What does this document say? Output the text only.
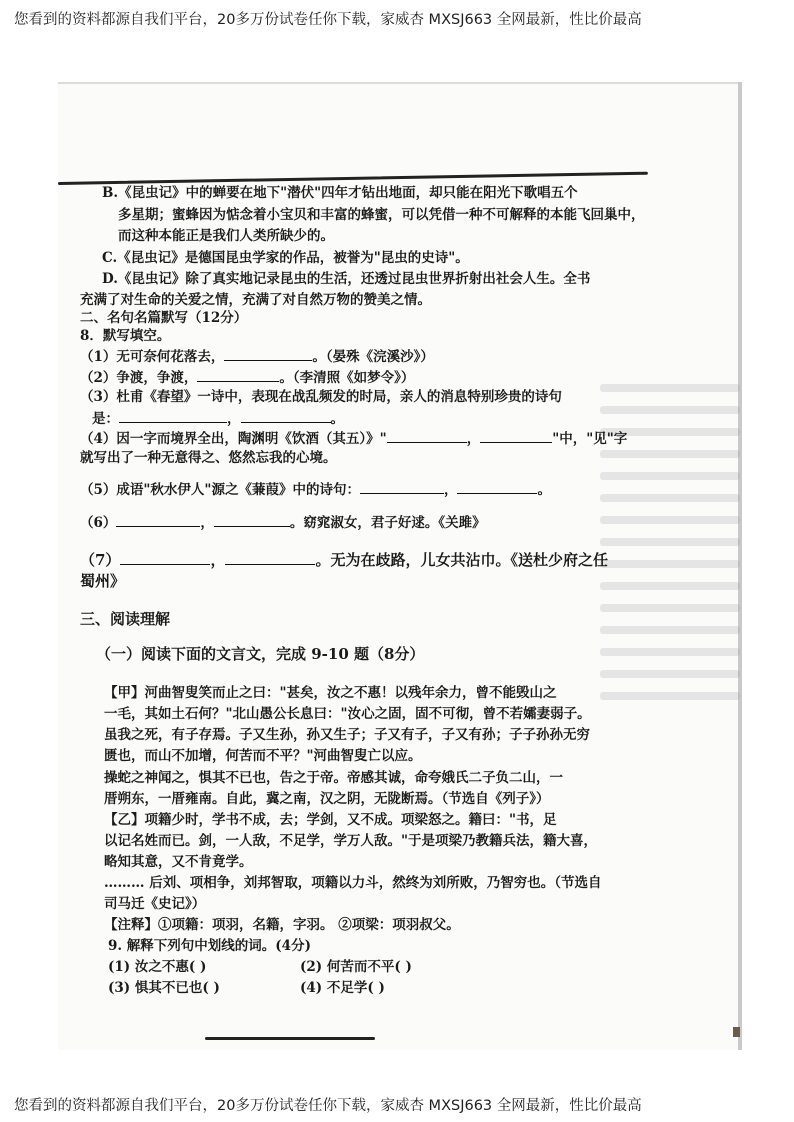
您看到的资料都源自我们平台，20多万份试卷任你下载，家威杏 MXSJ663 全网最新，性比价最高
B.《昆虫记》中的蝉要在地下"潜伏"四年才钻出地面，却只能在阳光下歌唱五个
多星期；蜜蜂因为惦念着小宝贝和丰富的蜂蜜，可以凭借一种不可解释的本能飞回巢中，
而这种本能正是我们人类所缺少的。
C.《昆虫记》是德国昆虫学家的作品，被誉为"昆虫的史诗"。
D.《昆虫记》除了真实地记录昆虫的生活，还透过昆虫世界折射出社会人生。全书
充满了对生命的关爱之情，充满了对自然万物的赞美之情。
二、名句名篇默写（12分）
8．默写填空。
（1）无可奈何花落去，	。（晏殊《浣溪沙》）
（2）争渡，争渡，	。（李清照《如梦令》）
（3）杜甫《春望》一诗中，表现在战乱频发的时局，亲人的消息特别珍贵的诗句
是：	，	。
（4）因一字而境界全出，陶渊明《饮酒（其五）》"	，	"中，"见"字
就写出了一种无意得之、悠然忘我的心境。
（5）成语"秋水伊人"源之《蒹葭》中的诗句：	，	。
（6）	，	。窈窕淑女，君子好逑。《关雎》
（7）	，	。无为在歧路，儿女共沾巾。《送杜少府之任
蜀州》
三、阅读理解
（一）阅读下面的文言文，完成 9-10 题（8分）
【甲】河曲智叟笑而止之曰："甚矣，汝之不惠！以残年余力，曾不能毁山之
一毛，其如土石何？"北山愚公长息曰："汝心之固，固不可彻，曾不若孀妻弱子。
虽我之死，有子存焉。子又生孙，孙又生子；子又有子，子又有孙；子子孙孙无穷
匮也，而山不加增，何苦而不平？"河曲智叟亡以应。
操蛇之神闻之，惧其不已也，告之于帝。帝感其诚，命夸娥氏二子负二山，一
厝朔东，一厝雍南。自此，冀之南，汉之阴，无陇断焉。（节选自《列子》）
【乙】项籍少时，学书不成，去；学剑，又不成。项梁怒之。籍曰："书，足
以记名姓而已。剑，一人敌，不足学，学万人敌。"于是项梁乃教籍兵法，籍大喜，
略知其意，又不肯竟学。
……… 后刘、项相争，刘邦智取，项籍以力斗，然终为刘所败，乃智穷也。（节选自
司马迁《史记》）
【注释】①项籍：项羽，名籍，字羽。 ②项梁：项羽叔父。
9. 解释下列句中划线的词。(4分)
(1) 汝之不惠( )	(2) 何苦而不平( )
(3) 惧其不已也( )	(4) 不足学( )
您看到的资料都源自我们平台，20多万份试卷任你下载，家威杏 MXSJ663 全网最新，性比价最高
